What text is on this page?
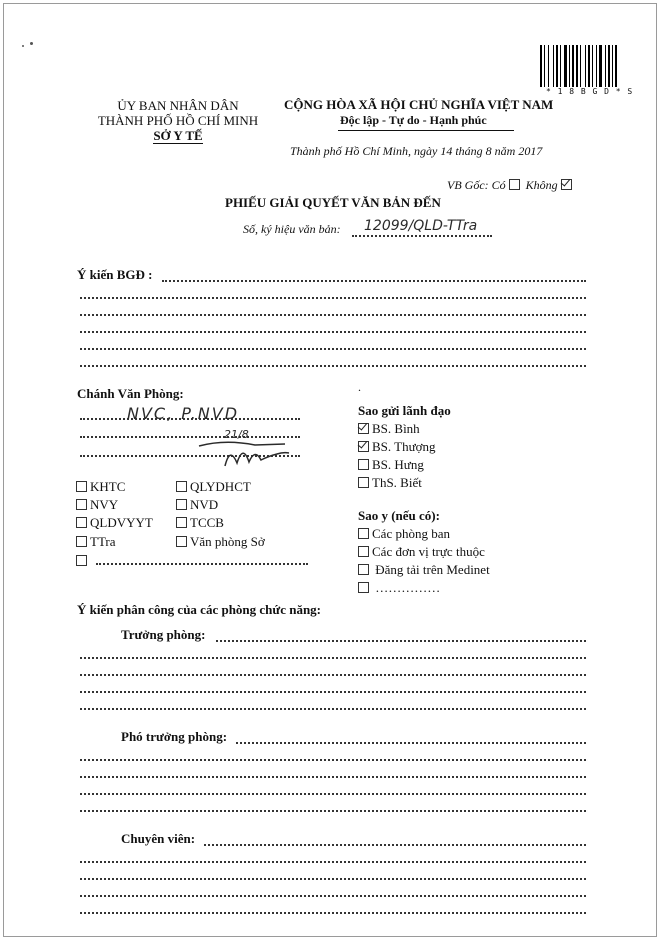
* 1 8 B G D * S
ỦY BAN NHÂN DÂN
THÀNH PHỐ HỒ CHÍ MINH
SỞ Y TẾ
CỘNG HÒA XÃ HỘI CHỦ NGHĨA VIỆT NAM
Độc lập - Tự do - Hạnh phúc
Thành phố Hồ Chí Minh, ngày 14 tháng 8 năm 2017
VB Gốc: Có Không
PHIẾU GIẢI QUYẾT VĂN BẢN ĐẾN
Số, ký hiệu văn bản: 12099/QLD-TTra
Ý kiến BGĐ :
Chánh Văn Phòng:	.
NVC, P.NVD
21/8
KHTC
NVY
QLDVYYT
TTra
QLYDHCT
NVD
TCCB
Văn phòng Sở
Sao gửi lãnh đạo
BS. Bình
BS. Thượng
BS. Hưng
ThS. Biết
Sao y (nếu có):
Các phòng ban
Các đơn vị trực thuộc
Đăng tải trên Medinet
……………
Ý kiến phân công của các phòng chức năng:
Trưởng phòng:
Phó trưởng phòng:
Chuyên viên:
